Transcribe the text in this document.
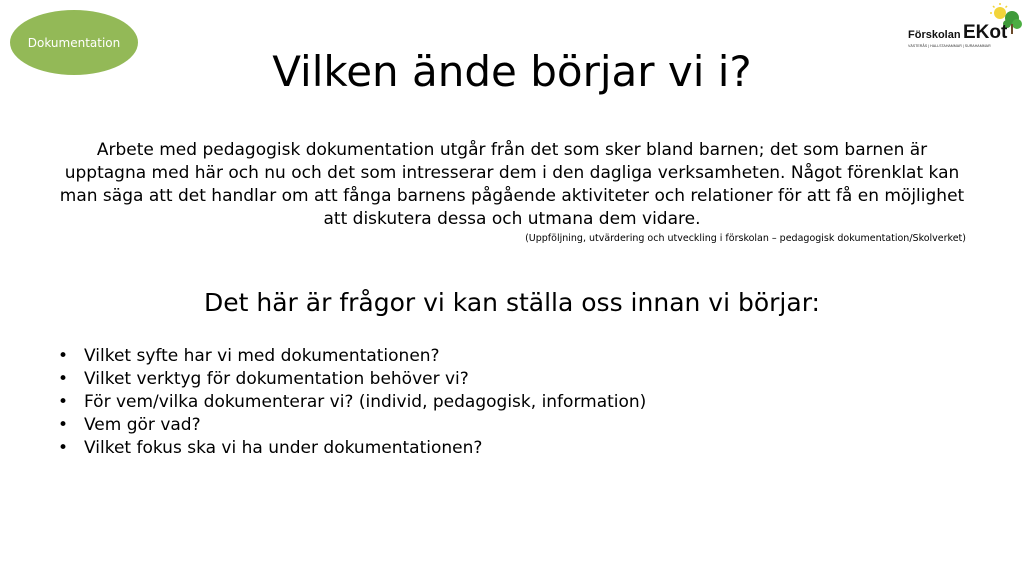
Dokumentation
Förskolan EKot
VÄSTERÅS | HALLSTAHAMMAR | SURAHAMMAR
Vilken ände börjar vi i?

Arbete med pedagogisk dokumentation utgår från det som sker bland barnen; det som barnen är upptagna med här och nu och det som intresserar dem i den dagliga verksamheten. Något förenklat kan man säga att det handlar om att fånga barnens pågående aktiviteter och relationer för att få en möjlighet att diskutera dessa och utmana dem vidare.

(Uppföljning, utvärdering och utveckling i förskolan – pedagogisk dokumentation/Skolverket)

Det här är frågor vi kan ställa oss innan vi börjar:
• Vilket syfte har vi med dokumentationen?
• Vilket verktyg för dokumentation behöver vi?
• För vem/vilka dokumenterar vi? (individ, pedagogisk, information)
• Vem gör vad?
• Vilket fokus ska vi ha under dokumentationen?
